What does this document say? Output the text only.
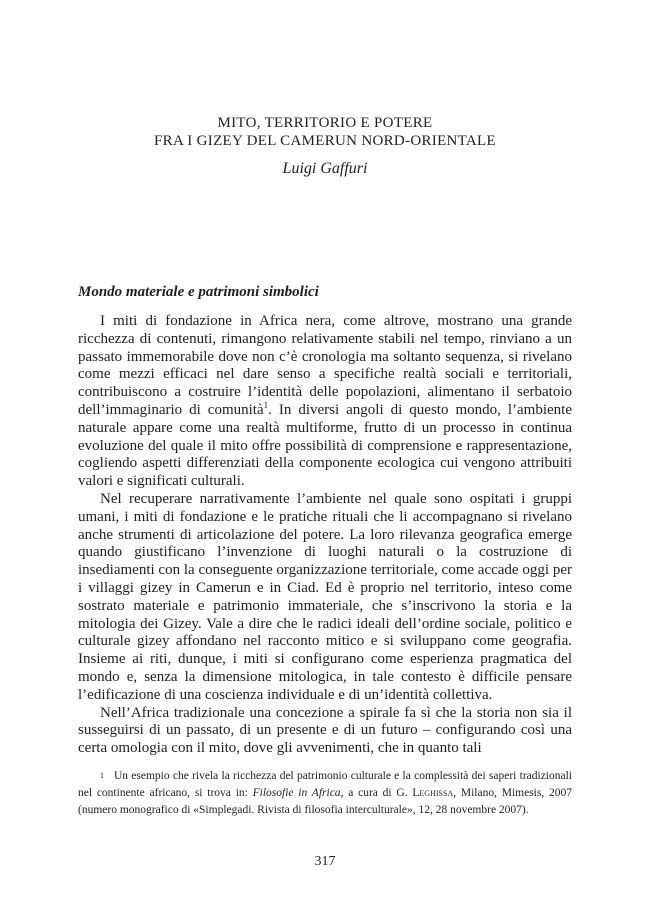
MITO, TERRITORIO E POTERE

FRA I GIZEY DEL CAMERUN NORD-ORIENTALE

Luigi Gaffuri
Mondo materiale e patrimoni simbolici

I miti di fondazione in Africa nera, come altrove, mostrano una grande ricchezza di contenuti, rimangono relativamente stabili nel tempo, rinviano a un passato immemorabile dove non c’è cronologia ma soltanto sequenza, si rivelano come mezzi efficaci nel dare senso a specifiche realtà sociali e territoriali, contribuiscono a costruire l’identità delle popolazioni, alimentano il serbatoio dell’immaginario di comunità$^1$. In diversi angoli di questo mondo, l’ambiente naturale appare come una realtà multiforme, frutto di un processo in continua evoluzione del quale il mito offre possibilità di comprensione e rappresentazione, cogliendo aspetti differenziati della componente ecologica cui vengono attribuiti valori e significati culturali.

Nel recuperare narrativamente l’ambiente nel quale sono ospitati i gruppi umani, i miti di fondazione e le pratiche rituali che li accompagnano si rivelano anche strumenti di articolazione del potere. La loro rilevanza geografica emerge quando giustificano l’invenzione di luoghi naturali o la costruzione di insediamenti con la conseguente organizzazione territoriale, come accade oggi per i villaggi gizey in Camerun e in Ciad. Ed è proprio nel territorio, inteso come sostrato materiale e patrimonio immateriale, che s’inscrivono la storia e la mitologia dei Gizey. Vale a dire che le radici ideali dell’ordine sociale, politico e culturale gizey affondano nel racconto mitico e si sviluppano come geografia. Insieme ai riti, dunque, i miti si configurano come esperienza pragmatica del mondo e, senza la dimensione mitologica, in tale contesto è difficile pensare l’edificazione di una coscienza individuale e di un’identità collettiva.

Nell’Africa tradizionale una concezione a spirale fa sì che la storia non sia il susseguirsi di un passato, di un presente e di un futuro – configurando così una certa omologia con il mito, dove gli avvenimenti, che in quanto tali

1 Un esempio che rivela la ricchezza del patrimonio culturale e la complessità dei saperi tradizionali nel continente africano, si trova in: Filosofie in Africa, a cura di G. Leghissa, Milano, Mimesis, 2007 (numero monografico di «Simplegadi. Rivista di filosofia interculturale», 12, 28 novembre 2007).
317
